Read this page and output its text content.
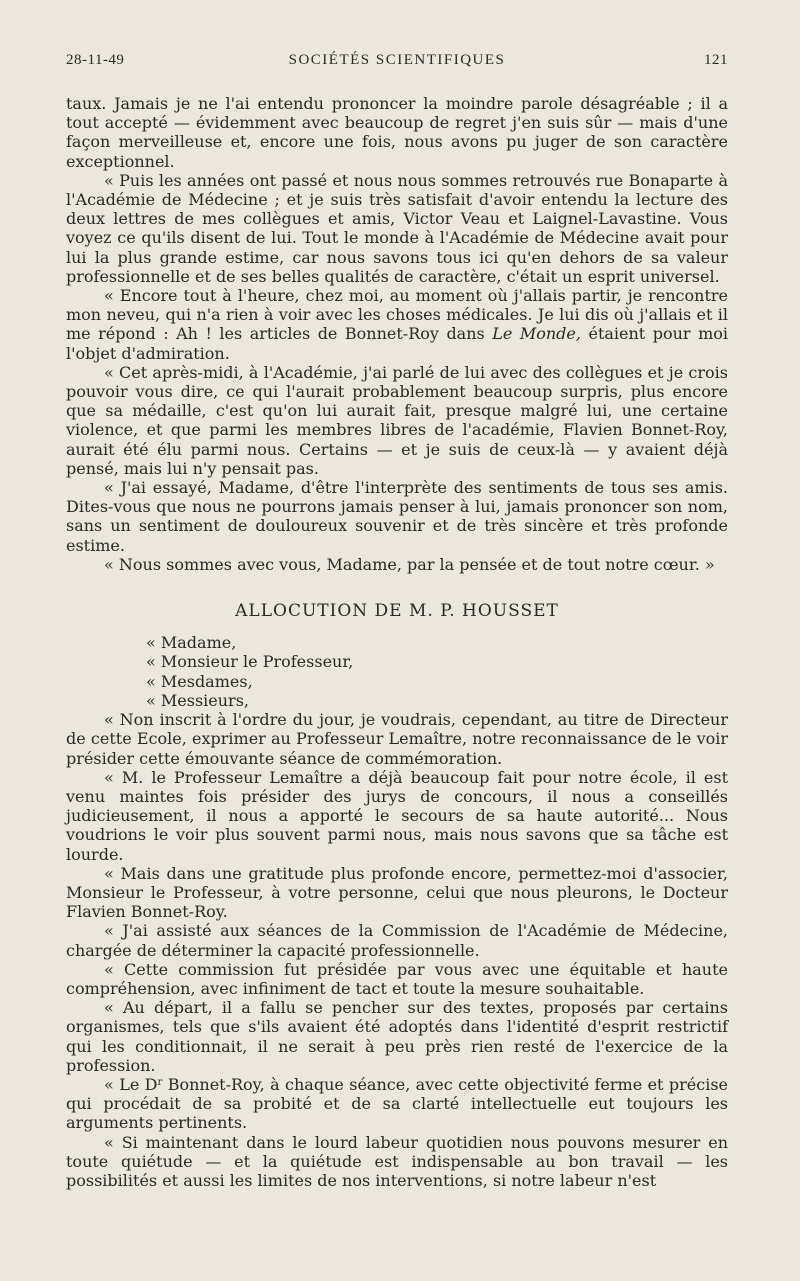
28-11-49	SOCIÉTÉS SCIENTIFIQUES	121

taux. Jamais je ne l'ai entendu prononcer la moindre parole désagréable ; il a tout accepté — évidemment avec beaucoup de regret j'en suis sûr — mais d'une façon merveilleuse et, encore une fois, nous avons pu juger de son caractère exceptionnel.

« Puis les années ont passé et nous nous sommes retrouvés rue Bonaparte à l'Académie de Médecine ; et je suis très satisfait d'avoir entendu la lecture des deux lettres de mes collègues et amis, Victor Veau et Laignel-Lavastine. Vous voyez ce qu'ils disent de lui. Tout le monde à l'Académie de Médecine avait pour lui la plus grande estime, car nous savons tous ici qu'en dehors de sa valeur professionnelle et de ses belles qualités de caractère, c'était un esprit universel.

« Encore tout à l'heure, chez moi, au moment où j'allais partir, je rencontre mon neveu, qui n'a rien à voir avec les choses médicales. Je lui dis où j'allais et il me répond : Ah ! les articles de Bonnet-Roy dans Le Monde, étaient pour moi l'objet d'admiration.

« Cet après-midi, à l'Académie, j'ai parlé de lui avec des collègues et je crois pouvoir vous dire, ce qui l'aurait probablement beaucoup surpris, plus encore que sa médaille, c'est qu'on lui aurait fait, presque malgré lui, une certaine violence, et que parmi les membres libres de l'académie, Flavien Bonnet-Roy, aurait été élu parmi nous. Certains — et je suis de ceux-là — y avaient déjà pensé, mais lui n'y pensait pas.

« J'ai essayé, Madame, d'être l'interprète des sentiments de tous ses amis. Dites-vous que nous ne pourrons jamais penser à lui, jamais prononcer son nom, sans un sentiment de douloureux souvenir et de très sincère et très profonde estime.

« Nous sommes avec vous, Madame, par la pensée et de tout notre cœur. »

ALLOCUTION DE M. P. HOUSSET

« Madame,

« Monsieur le Professeur,

« Mesdames,

« Messieurs,

« Non inscrit à l'ordre du jour, je voudrais, cependant, au titre de Directeur de cette Ecole, exprimer au Professeur Lemaître, notre reconnaissance de le voir présider cette émouvante séance de commémoration.

« M. le Professeur Lemaître a déjà beaucoup fait pour notre école, il est venu maintes fois présider des jurys de concours, il nous a conseillés judicieusement, il nous a apporté le secours de sa haute autorité... Nous voudrions le voir plus souvent parmi nous, mais nous savons que sa tâche est lourde.

« Mais dans une gratitude plus profonde encore, permettez-moi d'associer, Monsieur le Professeur, à votre personne, celui que nous pleurons, le Docteur Flavien Bonnet-Roy.

« J'ai assisté aux séances de la Commission de l'Académie de Médecine, chargée de déterminer la capacité professionnelle.

« Cette commission fut présidée par vous avec une équitable et haute compréhension, avec infiniment de tact et toute la mesure souhaitable.

« Au départ, il a fallu se pencher sur des textes, proposés par certains organismes, tels que s'ils avaient été adoptés dans l'identité d'esprit restrictif qui les conditionnait, il ne serait à peu près rien resté de l'exercice de la profession.

« Le $D^r$ Bonnet-Roy, à chaque séance, avec cette objectivité ferme et précise qui procédait de sa probité et de sa clarté intellectuelle eut toujours les arguments pertinents.

« Si maintenant dans le lourd labeur quotidien nous pouvons mesurer en toute quiétude — et la quiétude est indispensable au bon travail — les possibilités et aussi les limites de nos interventions, si notre labeur n'est
